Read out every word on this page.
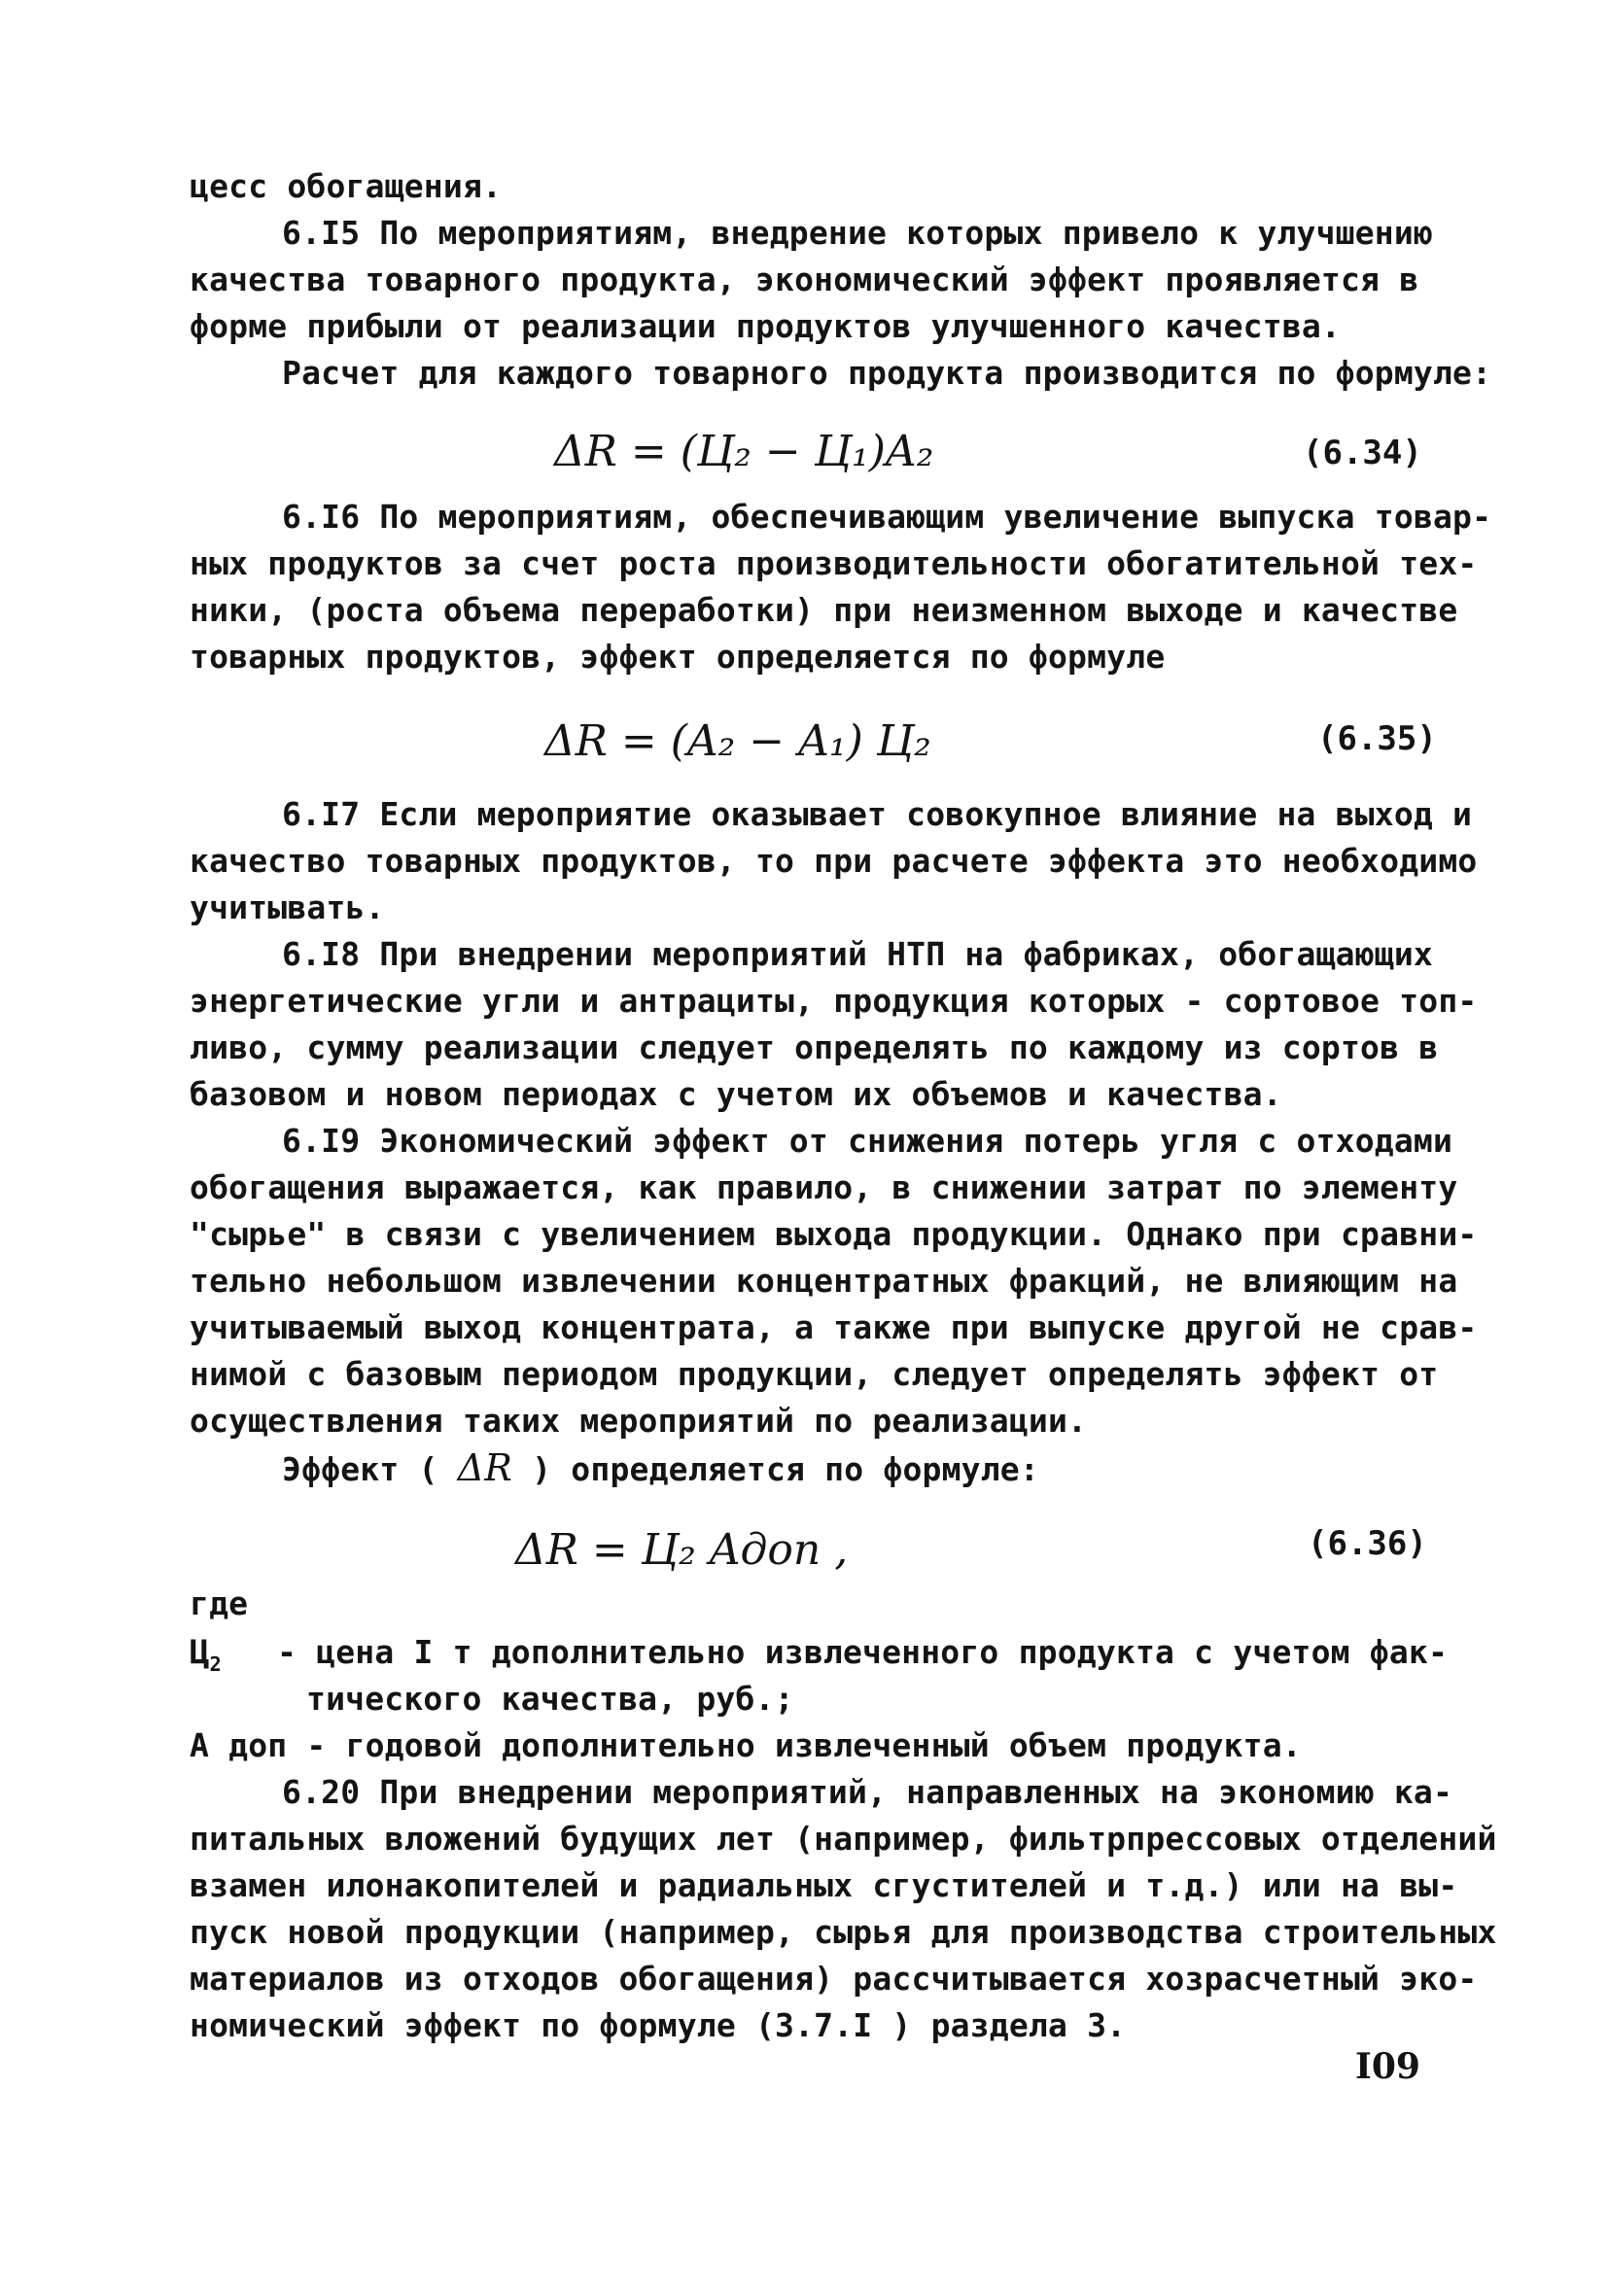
цесс обогащения.
6.I5 По мероприятиям, внедрение которых привело к улучшению
качества товарного продукта, экономический эффект проявляется в
форме прибыли от реализации продуктов улучшенного качества.
Расчет для каждого товарного продукта производится по формуле:
ΔR = (Ц₂ − Ц₁)A₂	(6.34)
6.I6 По мероприятиям, обеспечивающим увеличение выпуска товар-
ных продуктов за счет роста производительности обогатительной тех-
ники, (роста объема переработки) при неизменном выходе и качестве
товарных продуктов, эффект определяется по формуле
ΔR = (A₂ − A₁) Ц₂	(6.35)
6.I7 Если мероприятие оказывает совокупное влияние на выход и
качество товарных продуктов, то при расчете эффекта это необходимо
учитывать.
6.I8 При внедрении мероприятий НТП на фабриках, обогащающих
энергетические угли и антрациты, продукция которых - сортовое топ-
ливо, сумму реализации следует определять по каждому из сортов в
базовом и новом периодах с учетом их объемов и качества.
6.I9 Экономический эффект от снижения потерь угля с отходами
обогащения выражается, как правило, в снижении затрат по элементу
"сырье" в связи с увеличением выхода продукции. Однако при сравни-
тельно небольшом извлечении концентратных фракций, не влияющим на
учитываемый выход концентрата, а также при выпуске другой не срав-
нимой с базовым периодом продукции, следует определять эффект от
осуществления таких мероприятий по реализации.
Эффект ( ΔR ) определяется по формуле:
ΔR = Ц₂ Aдоп ,	(6.36)
где
$Ц_2$ - цена I т дополнительно извлеченного продукта с учетом фак-
тического качества, руб.;
А доп - годовой дополнительно извлеченный объем продукта.
6.20 При внедрении мероприятий, направленных на экономию ка-
питальных вложений будущих лет (например, фильтрпрессовых отделений
взамен илонакопителей и радиальных сгустителей и т.д.) или на вы-
пуск новой продукции (например, сырья для производства строительных
материалов из отходов обогащения) рассчитывается хозрасчетный эко-
номический эффект по формуле (3.7.I ) раздела 3.
I09
